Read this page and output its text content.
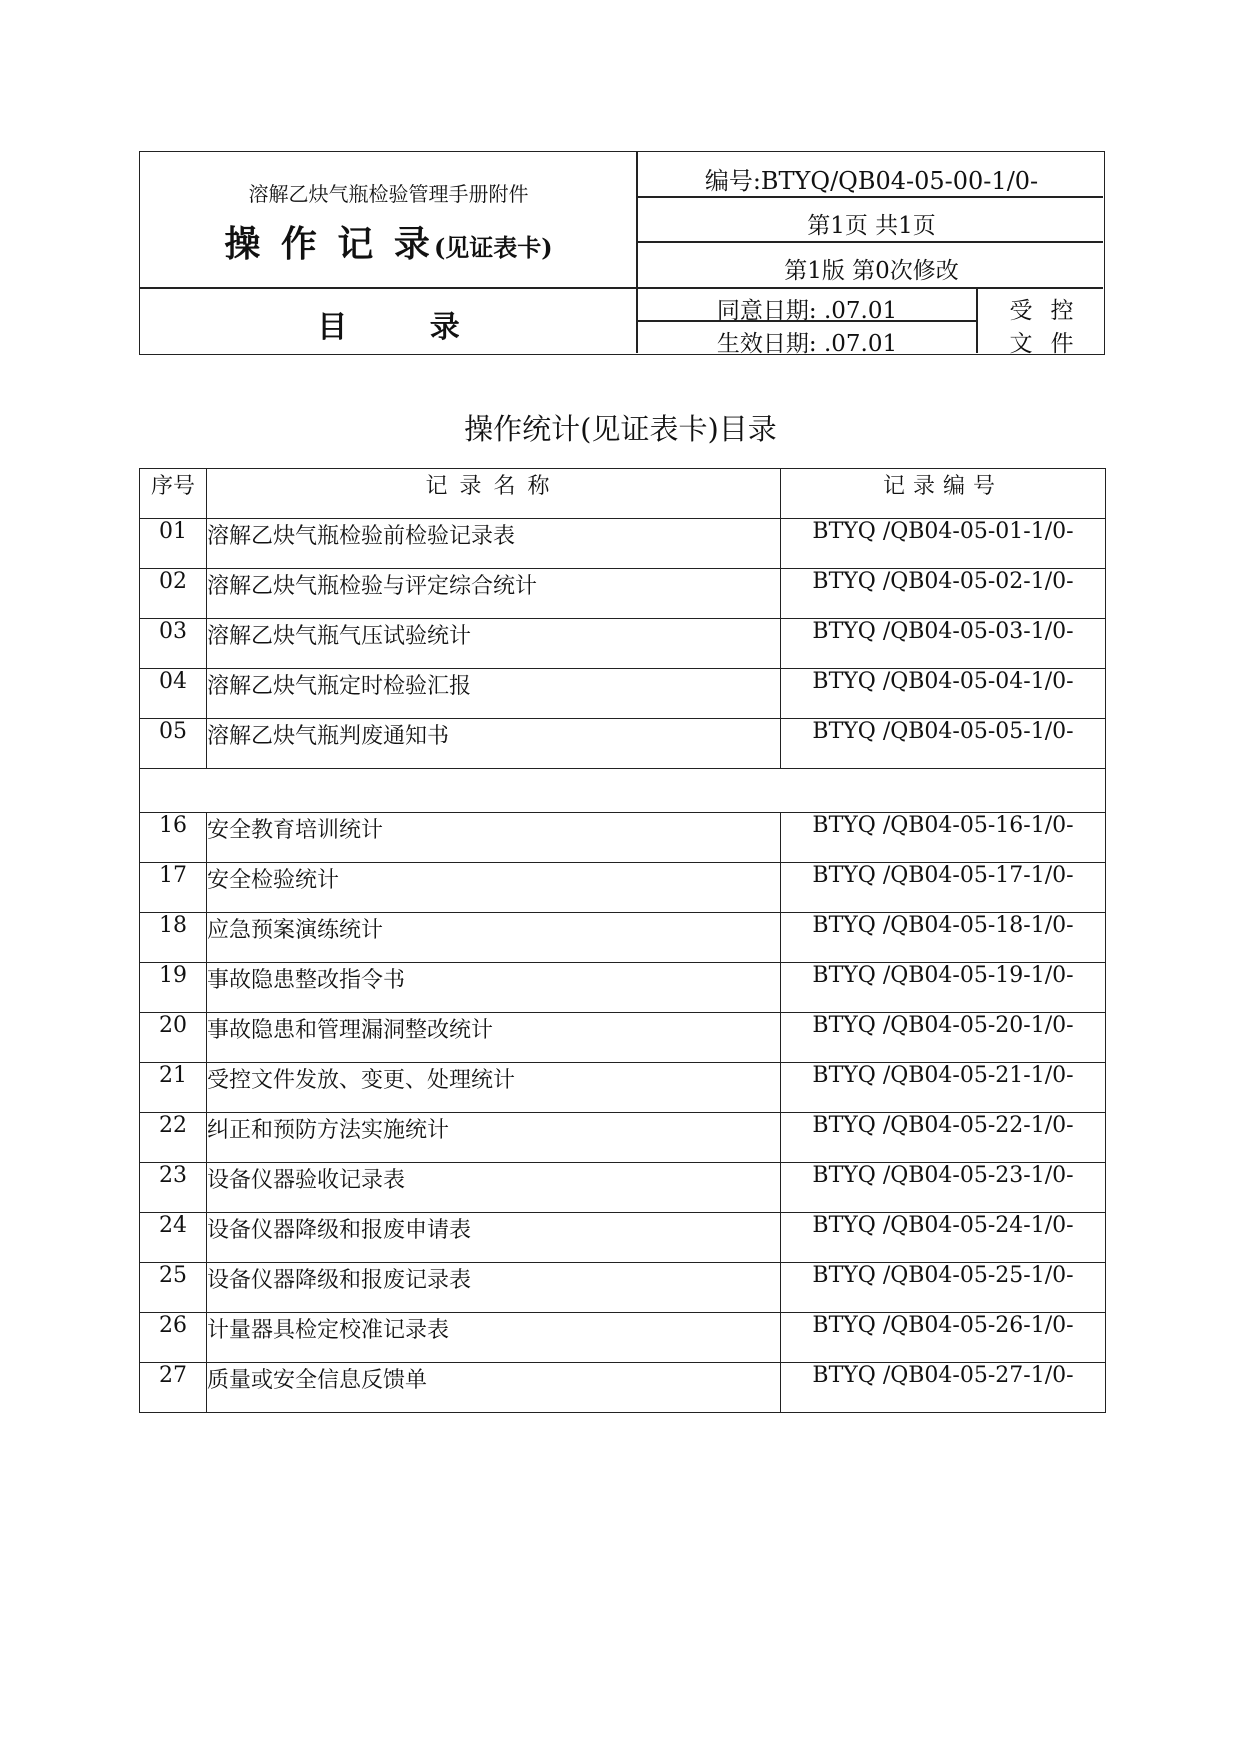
溶解乙炔气瓶检验管理手册附件
操 作 记 录(见证表卡)
目 录
编号:BTYQ/QB04-05-00-1/0-
第1页 共1页
第1版 第0次修改
同意日期: .07.01
生效日期: .07.01
受控
文件
操作统计(见证表卡)目录
序号	记录名称	记录编号
01	溶解乙炔气瓶检验前检验记录表	BTYQ /QB04-05-01-1/0-
02	溶解乙炔气瓶检验与评定综合统计	BTYQ /QB04-05-02-1/0-
03	溶解乙炔气瓶气压试验统计	BTYQ /QB04-05-03-1/0-
04	溶解乙炔气瓶定时检验汇报	BTYQ /QB04-05-04-1/0-
05	溶解乙炔气瓶判废通知书	BTYQ /QB04-05-05-1/0-

16	安全教育培训统计	BTYQ /QB04-05-16-1/0-
17	安全检验统计	BTYQ /QB04-05-17-1/0-
18	应急预案演练统计	BTYQ /QB04-05-18-1/0-
19	事故隐患整改指令书	BTYQ /QB04-05-19-1/0-
20	事故隐患和管理漏洞整改统计	BTYQ /QB04-05-20-1/0-
21	受控文件发放、变更、处理统计	BTYQ /QB04-05-21-1/0-
22	纠正和预防方法实施统计	BTYQ /QB04-05-22-1/0-
23	设备仪器验收记录表	BTYQ /QB04-05-23-1/0-
24	设备仪器降级和报废申请表	BTYQ /QB04-05-24-1/0-
25	设备仪器降级和报废记录表	BTYQ /QB04-05-25-1/0-
26	计量器具检定校准记录表	BTYQ /QB04-05-26-1/0-
27	质量或安全信息反馈单	BTYQ /QB04-05-27-1/0-
